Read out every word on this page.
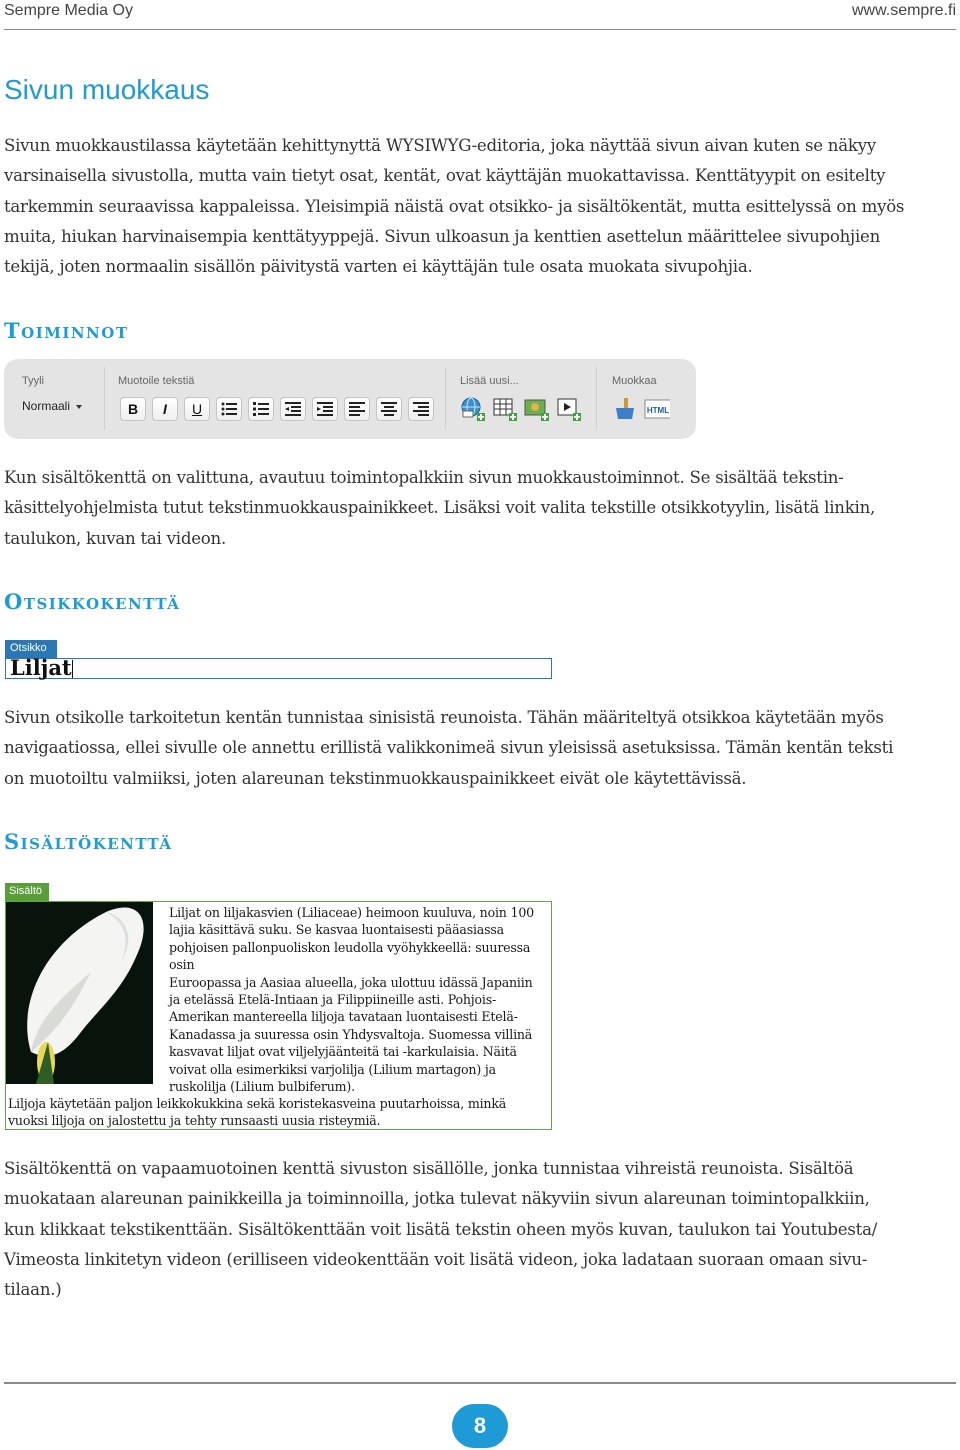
Sempre Media Oy	www.sempre.fi
Sivun muokkaus
Sivun muokkaustilassa käytetään kehittynyttä WYSIWYG-editoria, joka näyttää sivun aivan kuten se näkyy
varsinaisella sivustolla, mutta vain tietyt osat, kentät, ovat käyttäjän muokattavissa. Kenttätyypit on esitelty
tarkemmin seuraavissa kappaleissa. Yleisimpiä näistä ovat otsikko- ja sisältökentät, mutta esittelyssä on myös
muita, hiukan harvinaisempia kenttätyyppejä. Sivun ulkoasun ja kenttien asettelun määrittelee sivupohjien
tekijä, joten normaalin sisällön päivitystä varten ei käyttäjän tule osata muokata sivupohjia.
Toiminnot
Tyyli
Normaali
Muotoile tekstiä
B	I	U
Lisää uusi...	Muokkaa
HTML
Kun sisältökenttä on valittuna, avautuu toimintopalkkiin sivun muokkaustoiminnot. Se sisältää tekstin-
käsittelyohjelmista tutut tekstinmuokkauspainikkeet. Lisäksi voit valita tekstille otsikkotyylin, lisätä linkin,
taulukon, kuvan tai videon.
Otsikkokenttä
Otsikko
Liljat
Sivun otsikolle tarkoitetun kentän tunnistaa sinisistä reunoista. Tähän määriteltyä otsikkoa käytetään myös
navigaatiossa, ellei sivulle ole annettu erillistä valikkonimeä sivun yleisissä asetuksissa. Tämän kentän teksti
on muotoiltu valmiiksi, joten alareunan tekstinmuokkauspainikkeet eivät ole käytettävissä.
Sisältökenttä
Sisältö
Liljat on liljakasvien (Liliaceae) heimoon kuuluva, noin 100
lajia käsittävä suku. Se kasvaa luontaisesti pääasiassa
pohjoisen pallonpuoliskon leudolla vyöhykkeellä: suuressa osin
Euroopassa ja Aasiaa alueella, joka ulottuu idässä Japaniin
ja etelässä Etelä-Intiaan ja Filippiineille asti. Pohjois-
Amerikan mantereella liljoja tavataan luontaisesti Etelä-
Kanadassa ja suuressa osin Yhdysvaltoja. Suomessa villinä
kasvavat liljat ovat viljelyjäänteitä tai -karkulaisia. Näitä
voivat olla esimerkiksi varjolilja (Lilium martagon) ja
ruskolilja (Lilium bulbiferum).
Liljoja käytetään paljon leikkokukkina sekä koristekasveina puutarhoissa, minkä
vuoksi liljoja on jalostettu ja tehty runsaasti uusia risteymiä.
Sisältökenttä on vapaamuotoinen kenttä sivuston sisällölle, jonka tunnistaa vihreistä reunoista. Sisältöä
muokataan alareunan painikkeilla ja toiminnoilla, jotka tulevat näkyviin sivun alareunan toimintopalkkiin,
kun klikkaat tekstikenttään. Sisältökenttään voit lisätä tekstin oheen myös kuvan, taulukon tai Youtubesta/
Vimeosta linkitetyn videon (erilliseen videokenttään voit lisätä videon, joka ladataan suoraan omaan sivu-
tilaan.)
8
